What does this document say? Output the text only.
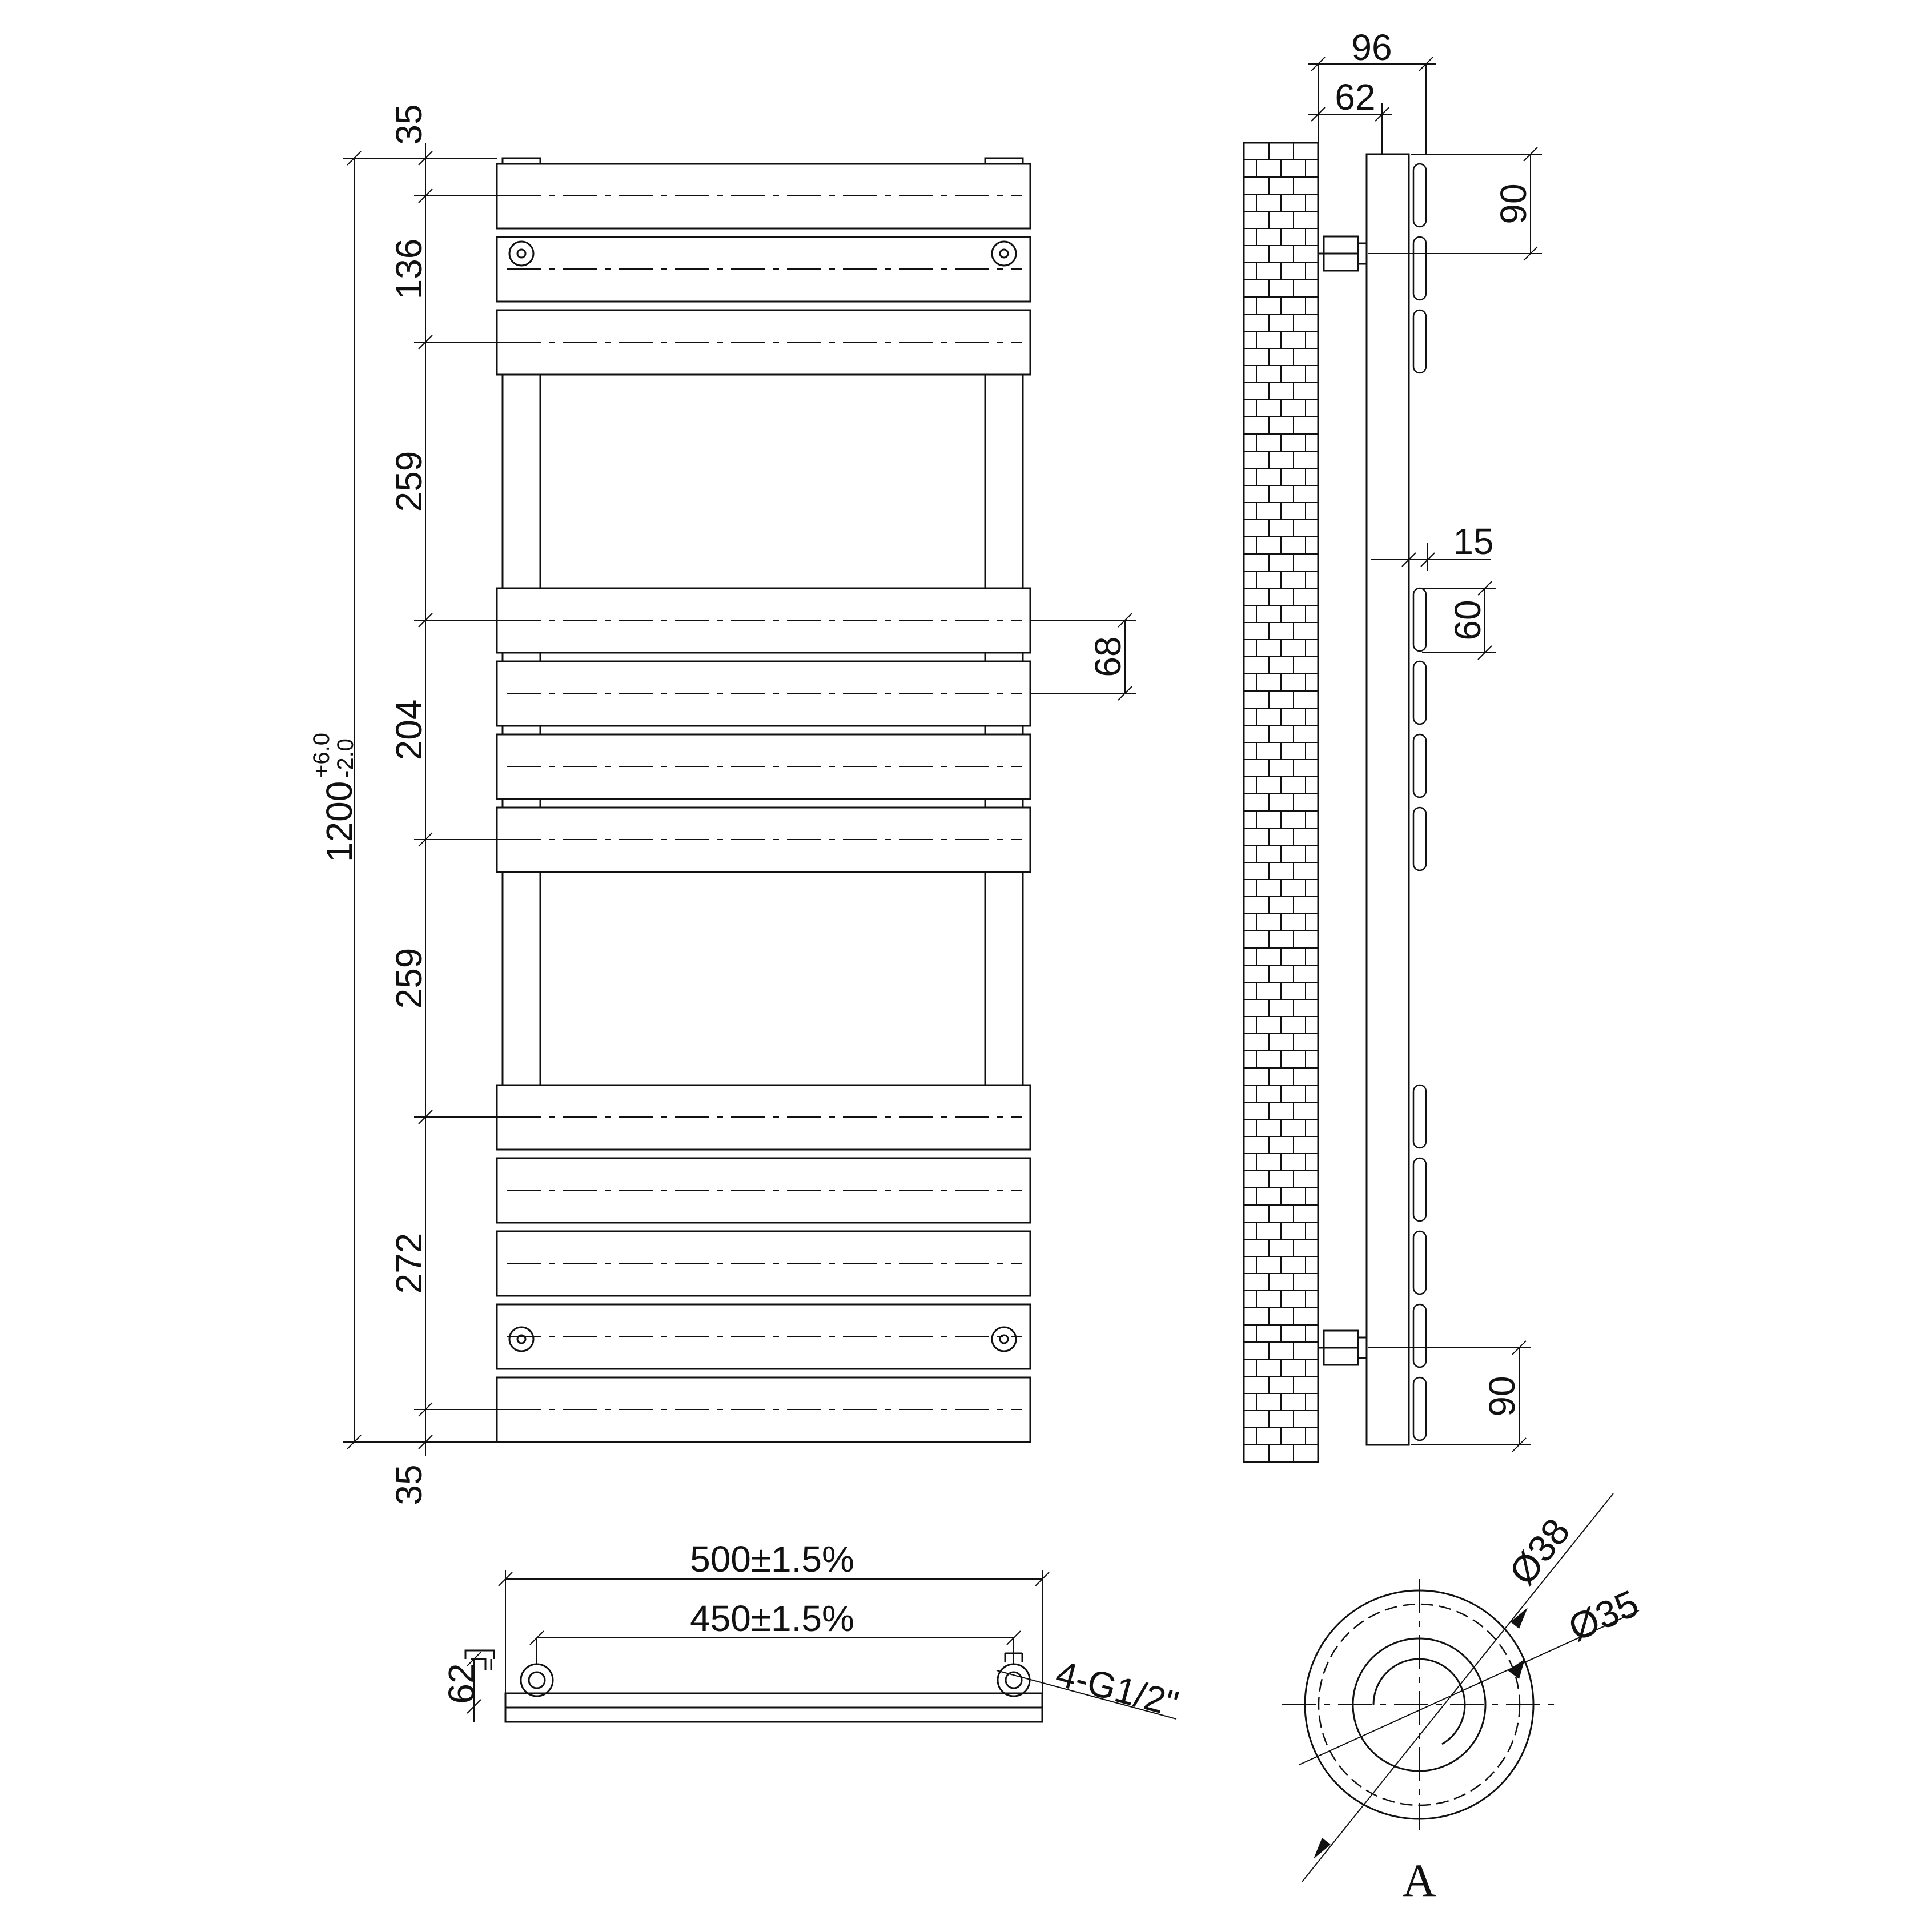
35
136
259
204
259
272
35
1200
+6.0
-2.0
68
96
62
90
15
60
90
500±1.5%
450±1.5%
62	4-G1/2"
Ø38
Ø35
A
